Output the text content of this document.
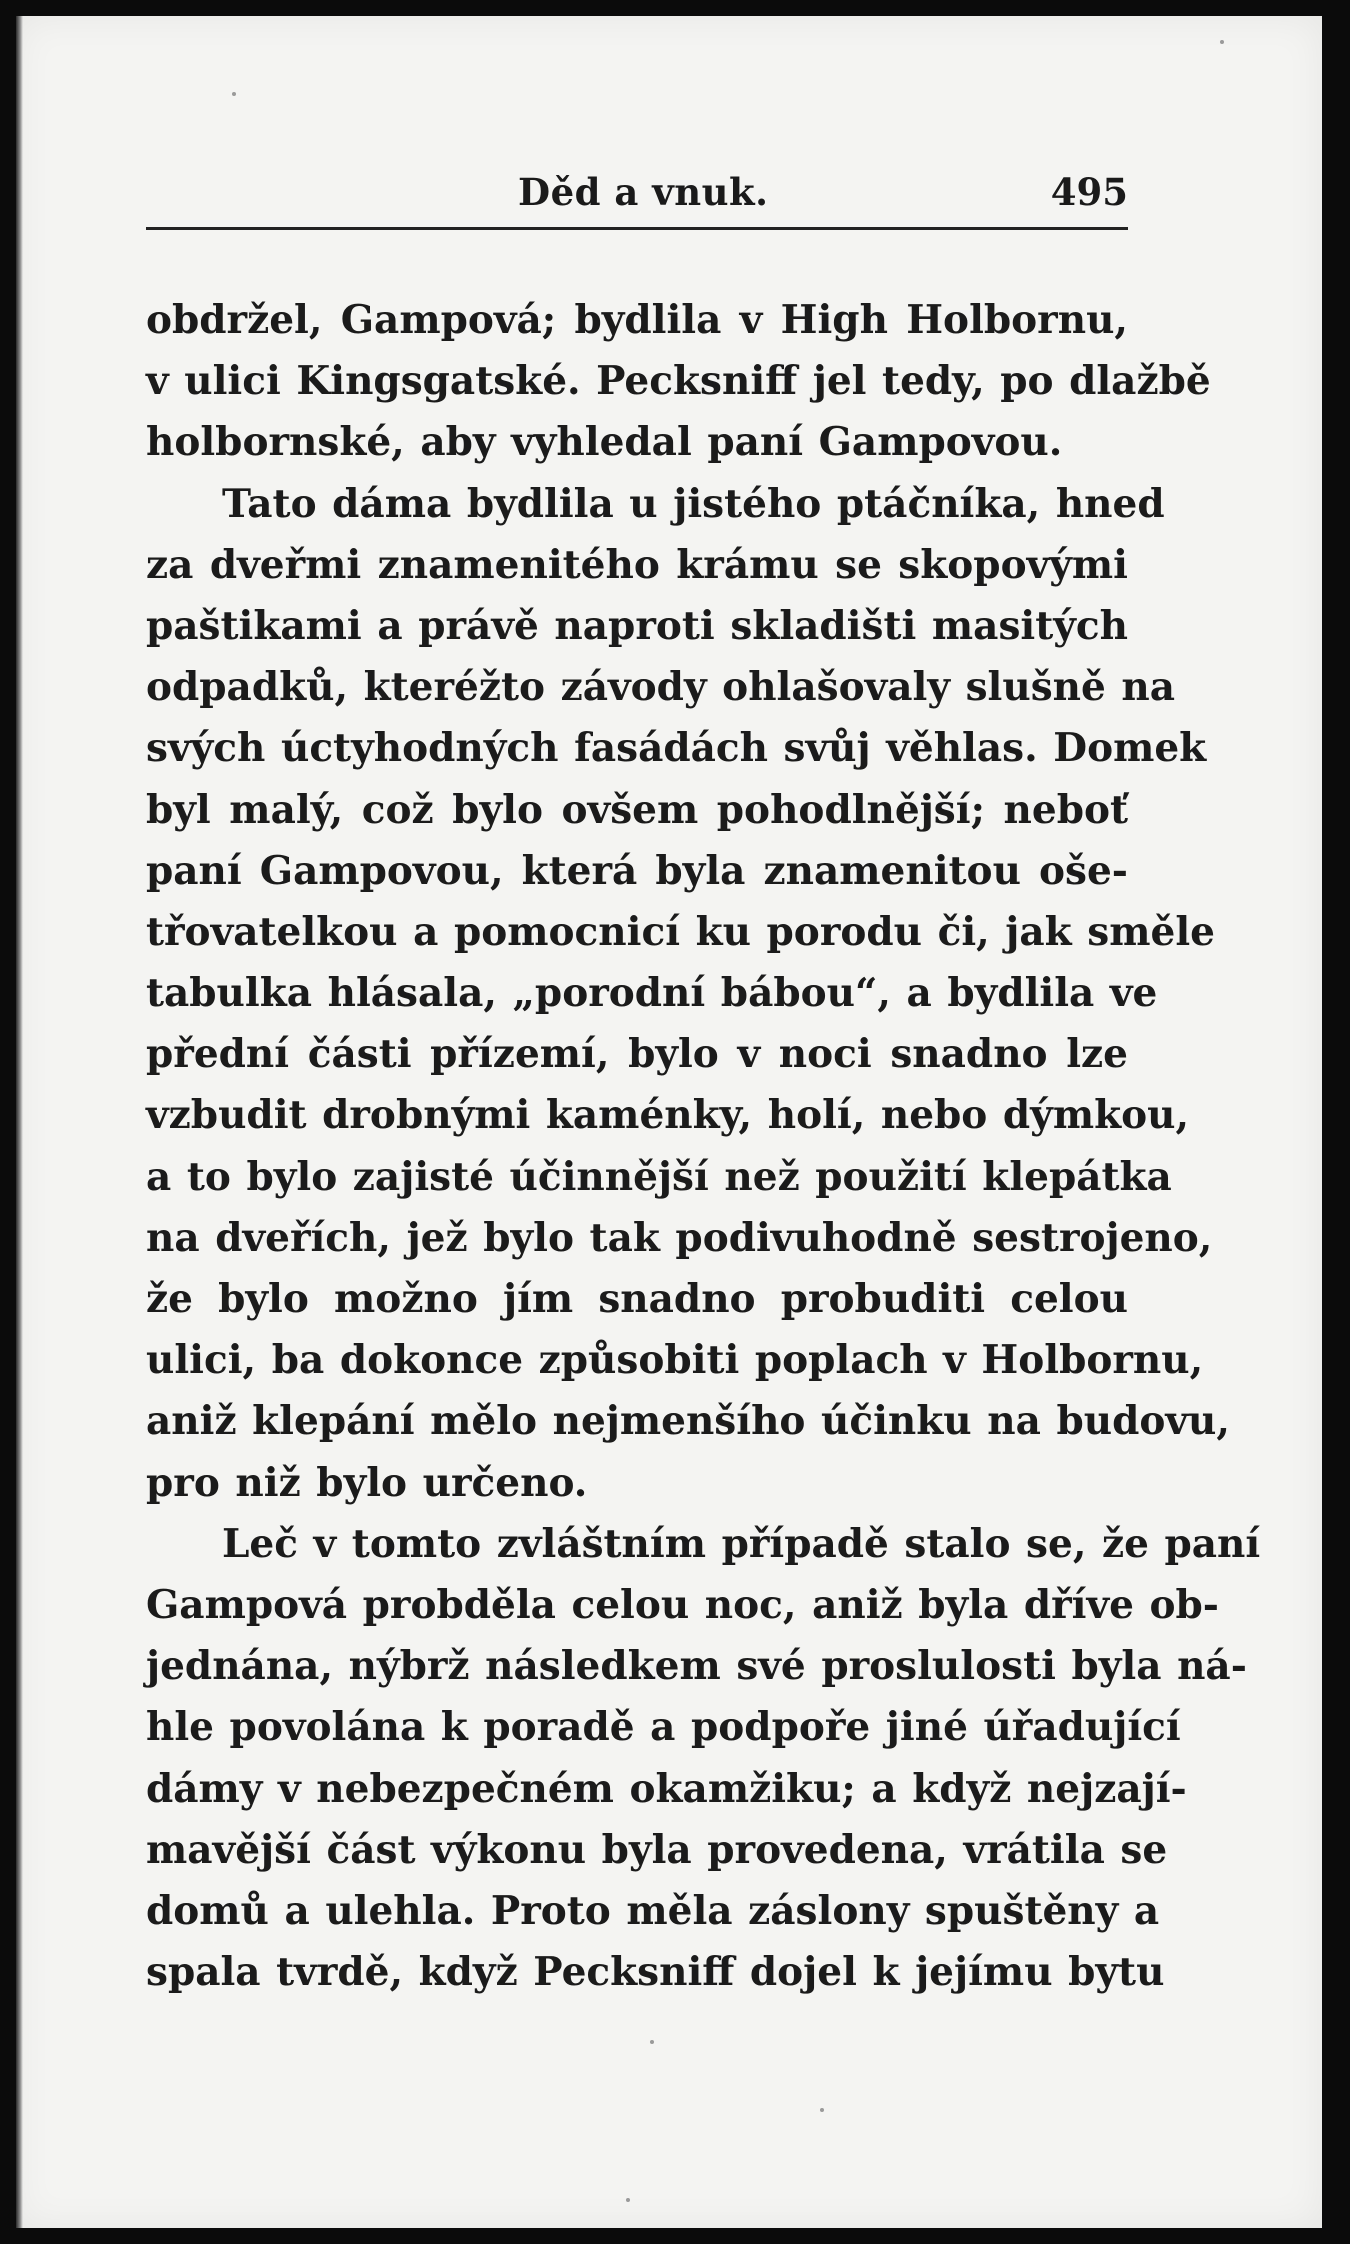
Děd a vnuk.	495
obdržel, Gampová; bydlila v High Holbornu,
v ulici Kingsgatské. Pecksniff jel tedy, po dlažbě
holbornské, aby vyhledal paní Gampovou.
Tato dáma bydlila u jistého ptáčníka, hned
za dveřmi znamenitého krámu se skopovými
paštikami a právě naproti skladišti masitých
odpadků, kteréžto závody ohlašovaly slušně na
svých úctyhodných fasádách svůj věhlas. Domek
byl malý, což bylo ovšem pohodlnější; neboť
paní Gampovou, která byla znamenitou oše-
třovatelkou a pomocnicí ku porodu či, jak směle
tabulka hlásala, „porodní bábou“, a bydlila ve
přední části přízemí, bylo v noci snadno lze
vzbudit drobnými kaménky, holí, nebo dýmkou,
a to bylo zajisté účinnější než použití klepátka
na dveřích, jež bylo tak podivuhodně sestrojeno,
že bylo možno jím snadno probuditi celou
ulici, ba dokonce způsobiti poplach v Holbornu,
aniž klepání mělo nejmenšího účinku na budovu,
pro niž bylo určeno.
Leč v tomto zvláštním případě stalo se, že paní
Gampová probděla celou noc, aniž byla dříve ob-
jednána, nýbrž následkem své proslulosti byla ná-
hle povolána k poradě a podpoře jiné úřadující
dámy v nebezpečném okamžiku; a když nejzají-
mavější část výkonu byla provedena, vrátila se
domů a ulehla. Proto měla záslony spuštěny a
spala tvrdě, když Pecksniff dojel k jejímu bytu
